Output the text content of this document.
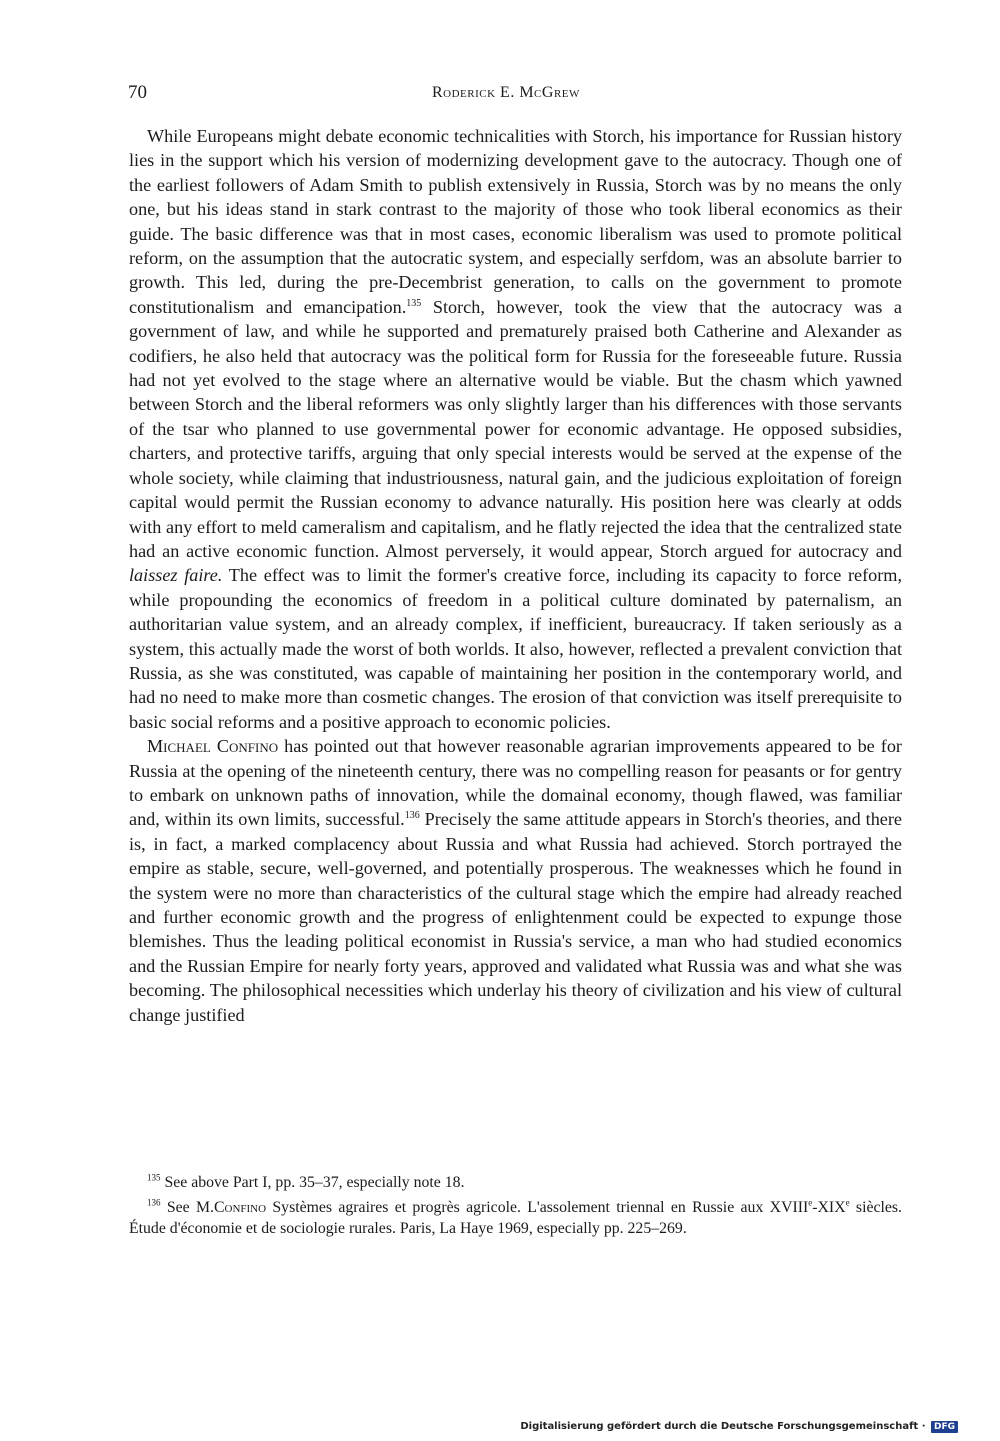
70	Roderick E. McGrew

While Europeans might debate economic technicalities with Storch, his importance for Russian history lies in the support which his version of modernizing development gave to the autocracy. Though one of the earliest followers of Adam Smith to publish extensively in Russia, Storch was by no means the only one, but his ideas stand in stark contrast to the majority of those who took liberal economics as their guide. The basic difference was that in most cases, economic liberalism was used to promote political reform, on the assumption that the autocratic system, and especially serfdom, was an absolute barrier to growth. This led, during the pre-Decembrist generation, to calls on the government to promote constitutionalism and emancipation.$^{135}$ Storch, however, took the view that the autocracy was a government of law, and while he supported and prematurely praised both Catherine and Alexander as codifiers, he also held that autocracy was the political form for Russia for the foreseeable future. Russia had not yet evolved to the stage where an alternative would be viable. But the chasm which yawned between Storch and the liberal reformers was only slightly larger than his differences with those servants of the tsar who planned to use governmental power for economic advantage. He opposed subsidies, charters, and protective tariffs, arguing that only special interests would be served at the expense of the whole society, while claiming that industriousness, natural gain, and the judicious exploitation of foreign capital would permit the Russian economy to advance naturally. His position here was clearly at odds with any effort to meld cameralism and capitalism, and he flatly rejected the idea that the centralized state had an active economic function. Almost perversely, it would appear, Storch argued for autocracy and laissez faire. The effect was to limit the former's creative force, including its capacity to force reform, while propounding the economics of freedom in a political culture dominated by paternalism, an authoritarian value system, and an already complex, if inefficient, bureaucracy. If taken seriously as a system, this actually made the worst of both worlds. It also, however, reflected a prevalent conviction that Russia, as she was constituted, was capable of maintaining her position in the contemporary world, and had no need to make more than cosmetic changes. The erosion of that conviction was itself prerequisite to basic social reforms and a positive approach to economic policies.

Michael Confino has pointed out that however reasonable agrarian improvements appeared to be for Russia at the opening of the nineteenth century, there was no compelling reason for peasants or for gentry to embark on unknown paths of innovation, while the domainal economy, though flawed, was familiar and, within its own limits, successful.$^{136}$ Precisely the same attitude appears in Storch's theories, and there is, in fact, a marked complacency about Russia and what Russia had achieved. Storch portrayed the empire as stable, secure, well-governed, and potentially prosperous. The weaknesses which he found in the system were no more than characteristics of the cultural stage which the empire had already reached and further economic growth and the progress of enlightenment could be expected to expunge those blemishes. Thus the leading political economist in Russia's service, a man who had studied economics and the Russian Empire for nearly forty years, approved and validated what Russia was and what she was becoming. The philosophical necessities which underlay his theory of civilization and his view of cultural change justified

$^{135}$ See above Part I, pp. 35–37, especially note 18.

$^{136}$ See M.Confino Systèmes agraires et progrès agricole. L'assolement triennal en Russie aux XVIIIe-XIXe siècles. Étude d'économie et de sociologie rurales. Paris, La Haye 1969, especially pp. 225–269.

Digitalisierung gefördert durch die Deutsche Forschungsgemeinschaft · DFG
